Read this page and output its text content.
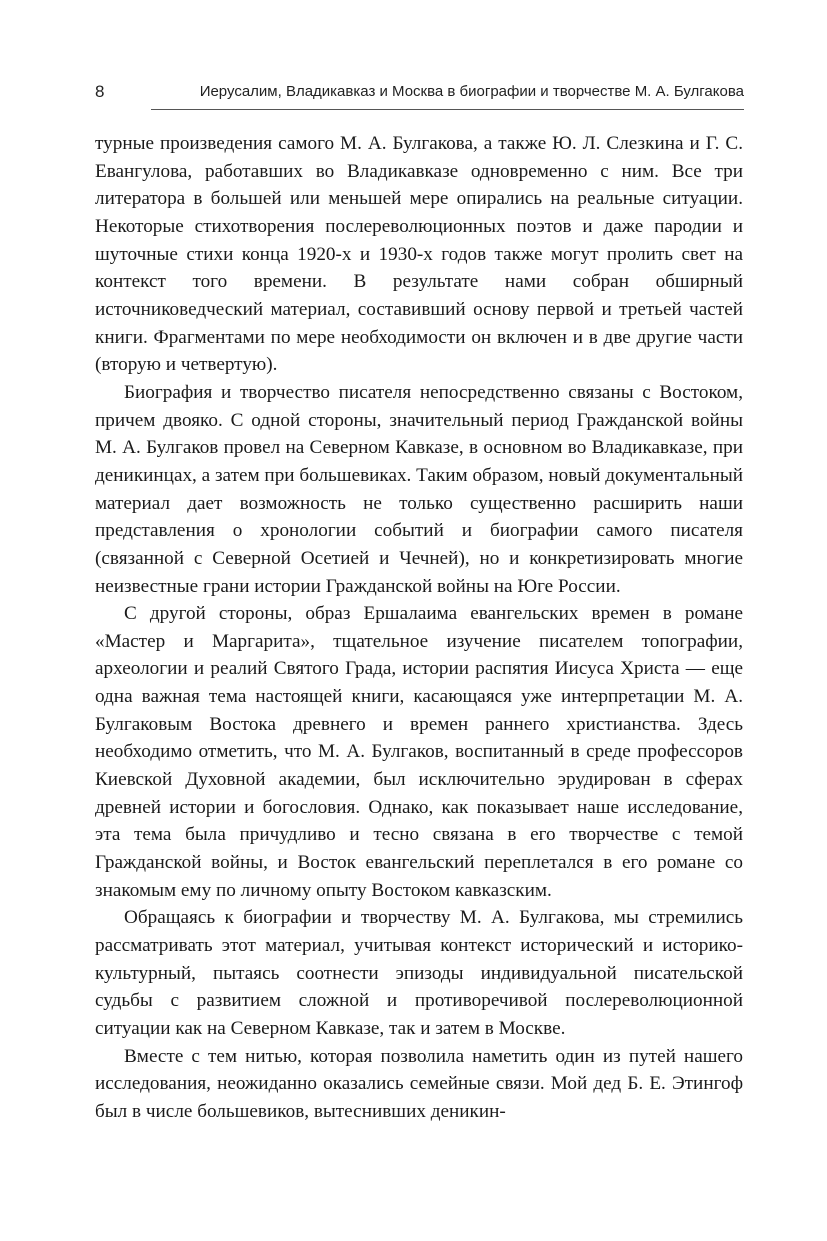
8	Иерусалим, Владикавказ и Москва в биографии и творчестве М. А. Булгакова

турные произведения самого М. А. Булгакова, а также Ю. Л. Слезкина и Г. С. Евангулова, работавших во Владикавказе одновременно с ним. Все три литератора в большей или меньшей мере опирались на реальные ситуации. Некоторые стихотворения послереволюционных поэтов и даже пародии и шуточные стихи конца 1920-х и 1930-х годов также могут пролить свет на контекст того времени. В результате нами собран обширный источниковедческий материал, составивший основу первой и третьей частей книги. Фрагментами по мере необходимости он включен и в две другие части (вторую и четвертую).

Биография и творчество писателя непосредственно связаны с Востоком, причем двояко. С одной стороны, значительный период Гражданской войны М. А. Булгаков провел на Северном Кавказе, в основном во Владикавказе, при деникинцах, а затем при большевиках. Таким образом, новый документальный материал дает возможность не только существенно расширить наши представления о хронологии событий и биографии самого писателя (связанной с Северной Осетией и Чечней), но и конкретизировать многие неизвестные грани истории Гражданской войны на Юге России.

С другой стороны, образ Ершалаима евангельских времен в романе «Мастер и Маргарита», тщательное изучение писателем топографии, археологии и реалий Святого Града, истории распятия Иисуса Христа — еще одна важная тема настоящей книги, касающаяся уже интерпретации М. А. Булгаковым Востока древнего и времен раннего христианства. Здесь необходимо отметить, что М. А. Булгаков, воспитанный в среде профессоров Киевской Духовной академии, был исключительно эрудирован в сферах древней истории и богословия. Однако, как показывает наше исследование, эта тема была причудливо и тесно связана в его творчестве с темой Гражданской войны, и Восток евангельский переплетался в его романе со знакомым ему по личному опыту Востоком кавказским.

Обращаясь к биографии и творчеству М. А. Булгакова, мы стремились рассматривать этот материал, учитывая контекст исторический и историко-культурный, пытаясь соотнести эпизоды индивидуальной писательской судьбы с развитием сложной и противоречивой послереволюционной ситуации как на Северном Кавказе, так и затем в Москве.

Вместе с тем нитью, которая позволила наметить один из путей нашего исследования, неожиданно оказались семейные связи. Мой дед Б. Е. Этингоф был в числе большевиков, вытеснивших деникин-
